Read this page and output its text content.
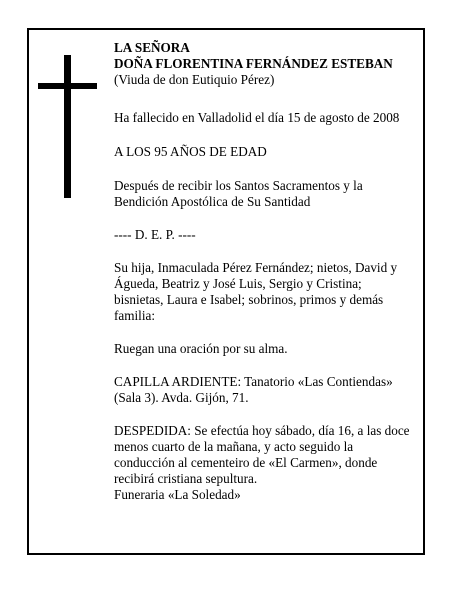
LA SEÑORA

DOÑA FLORENTINA FERNÁNDEZ ESTEBAN

(Viuda de don Eutiquio Pérez)

Ha fallecido en Valladolid el día 15 de agosto de 2008

A LOS 95 AÑOS DE EDAD

Después de recibir los Santos Sacramentos y la

Bendición Apostólica de Su Santidad

---- D. E. P. ----

Su hija, Inmaculada Pérez Fernández; nietos, David y

Águeda, Beatriz y José Luis, Sergio y Cristina;

bisnietas, Laura e Isabel; sobrinos, primos y demás

familia:

Ruegan una oración por su alma.

CAPILLA ARDIENTE: Tanatorio «Las Contiendas»

(Sala 3). Avda. Gijón, 71.

DESPEDIDA: Se efectúa hoy sábado, día 16, a las doce

menos cuarto de la mañana, y acto seguido la

conducción al cementeiro de «El Carmen», donde

recibirá cristiana sepultura.

Funeraria «La Soledad»
